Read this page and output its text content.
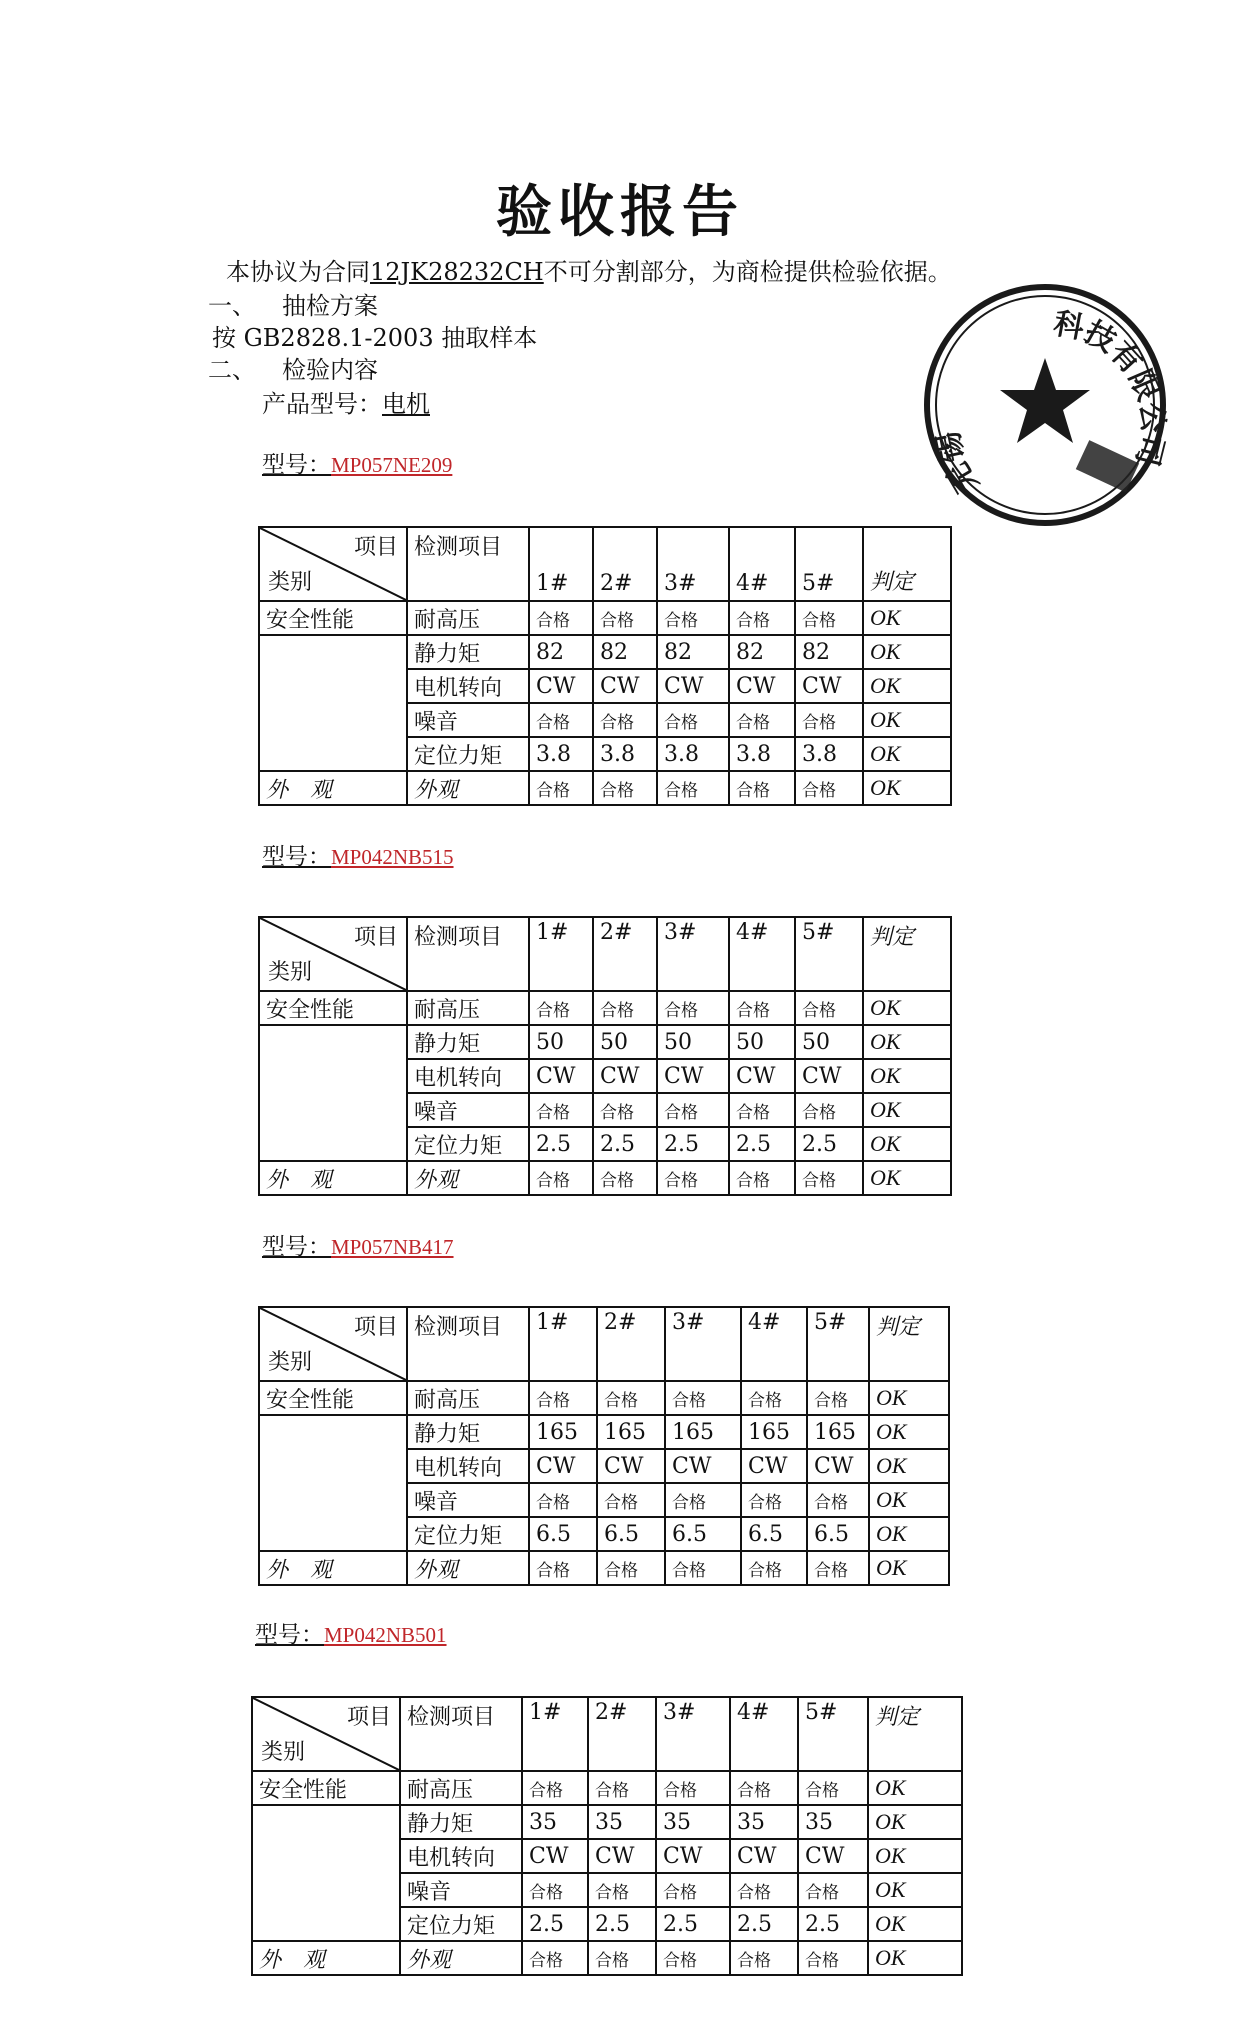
验收报告
本协议为合同12JK28232CH不可分割部分，为商检提供检验依据。
一、 抽检方案
按 GB2828.1-2003 抽取样本
二、 检验内容
产品型号：电机
无锡　　　　　科技有限公司
型号：MP057NE209
项目
类别	检测项目	1#	2#	3#	4#	5#	判定
安全性能	耐高压	合格	合格	合格	合格	合格	OK
	静力矩	82	82	82	82	82	OK
	电机转向	CW	CW	CW	CW	CW	OK
	噪音	合格	合格	合格	合格	合格	OK
	定位力矩	3.8	3.8	3.8	3.8	3.8	OK
外　观	外观	合格	合格	合格	合格	合格	OK
型号：MP042NB515
项目
类别	检测项目	1#	2#	3#	4#	5#	判定
安全性能	耐高压	合格	合格	合格	合格	合格	OK
	静力矩	50	50	50	50	50	OK
	电机转向	CW	CW	CW	CW	CW	OK
	噪音	合格	合格	合格	合格	合格	OK
	定位力矩	2.5	2.5	2.5	2.5	2.5	OK
外　观	外观	合格	合格	合格	合格	合格	OK
型号：MP057NB417
项目
类别	检测项目	1#	2#	3#	4#	5#	判定
安全性能	耐高压	合格	合格	合格	合格	合格	OK
	静力矩	165	165	165	165	165	OK
	电机转向	CW	CW	CW	CW	CW	OK
	噪音	合格	合格	合格	合格	合格	OK
	定位力矩	6.5	6.5	6.5	6.5	6.5	OK
外　观	外观	合格	合格	合格	合格	合格	OK
型号：MP042NB501
项目
类别	检测项目	1#	2#	3#	4#	5#	判定
安全性能	耐高压	合格	合格	合格	合格	合格	OK
	静力矩	35	35	35	35	35	OK
	电机转向	CW	CW	CW	CW	CW	OK
	噪音	合格	合格	合格	合格	合格	OK
	定位力矩	2.5	2.5	2.5	2.5	2.5	OK
外　观	外观	合格	合格	合格	合格	合格	OK
